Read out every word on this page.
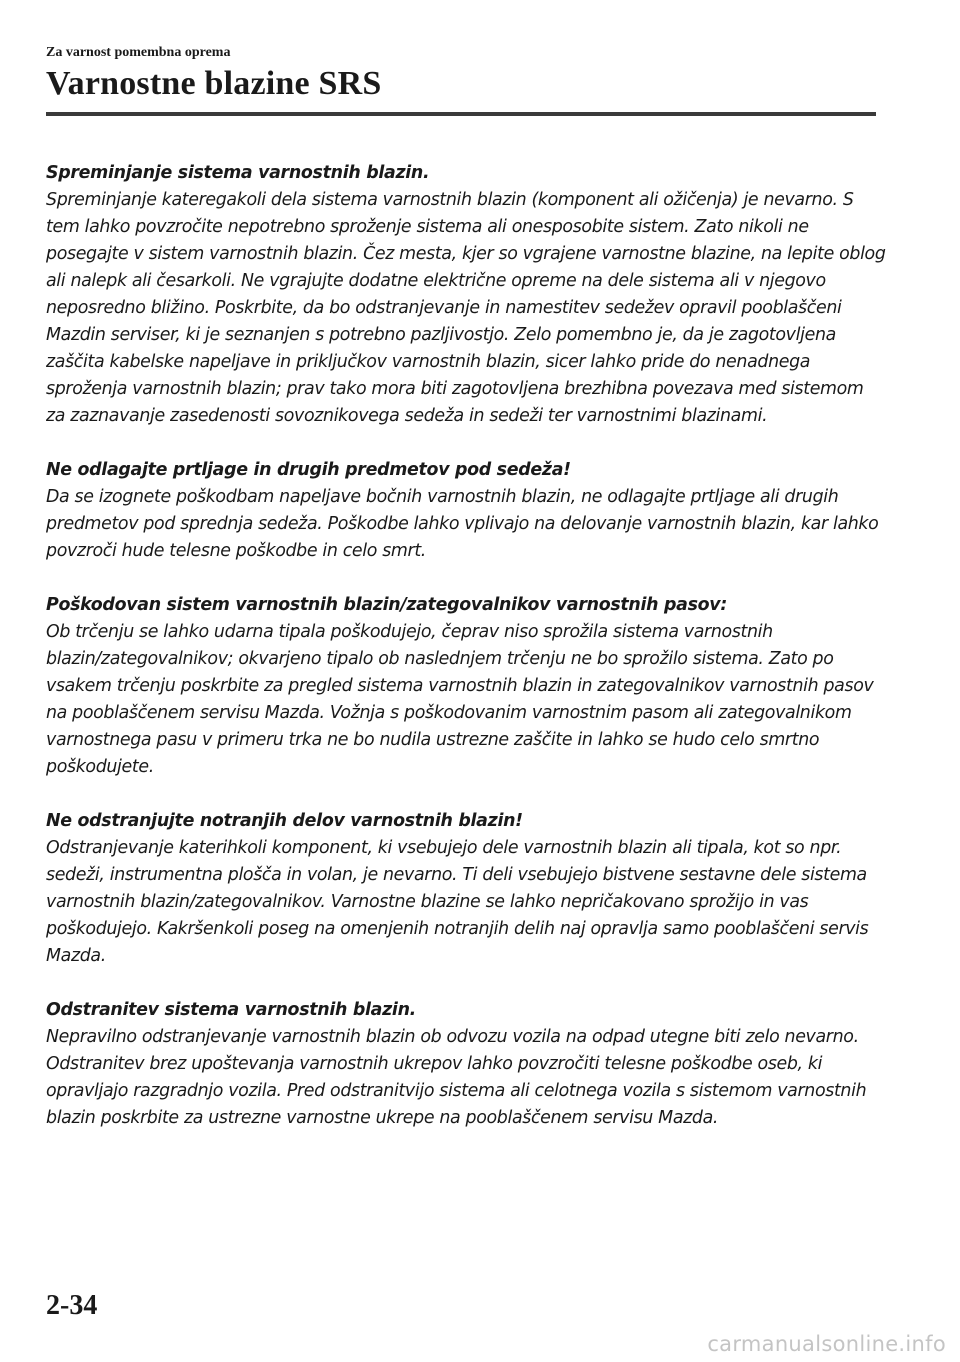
Za varnost pomembna oprema

Varnostne blazine SRS
Spreminjanje sistema varnostnih blazin.
Spreminjanje kateregakoli dela sistema varnostnih blazin (komponent ali ožičenja) je nevarno. S tem lahko povzročite nepotrebno sproženje sistema ali onesposobite sistem. Zato nikoli ne posegajte v sistem varnostnih blazin. Čez mesta, kjer so vgrajene varnostne blazine, na lepite oblog ali nalepk ali česarkoli. Ne vgrajujte dodatne električne opreme na dele sistema ali v njegovo neposredno bližino. Poskrbite, da bo odstranjevanje in namestitev sedežev opravil pooblaščeni Mazdin serviser, ki je seznanjen s potrebno pazljivostjo. Zelo pomembno je, da je zagotovljena zaščita kabelske napeljave in priključkov varnostnih blazin, sicer lahko pride do nenadnega sproženja varnostnih blazin; prav tako mora biti zagotovljena brezhibna povezava med sistemom za zaznavanje zasedenosti sovoznikovega sedeža in sedeži ter varnostnimi blazinami.
Ne odlagajte prtljage in drugih predmetov pod sedeža!
Da se izognete poškodbam napeljave bočnih varnostnih blazin, ne odlagajte prtljage ali drugih predmetov pod sprednja sedeža. Poškodbe lahko vplivajo na delovanje varnostnih blazin, kar lahko povzroči hude telesne poškodbe in celo smrt.
Poškodovan sistem varnostnih blazin/zategovalnikov varnostnih pasov:
Ob trčenju se lahko udarna tipala poškodujejo, čeprav niso sprožila sistema varnostnih blazin/zategovalnikov; okvarjeno tipalo ob naslednjem trčenju ne bo sprožilo sistema. Zato po vsakem trčenju poskrbite za pregled sistema varnostnih blazin in zategovalnikov varnostnih pasov na pooblaščenem servisu Mazda. Vožnja s poškodovanim varnostnim pasom ali zategovalnikom varnostnega pasu v primeru trka ne bo nudila ustrezne zaščite in lahko se hudo celo smrtno poškodujete.
Ne odstranjujte notranjih delov varnostnih blazin!
Odstranjevanje katerihkoli komponent, ki vsebujejo dele varnostnih blazin ali tipala, kot so npr. sedeži, instrumentna plošča in volan, je nevarno. Ti deli vsebujejo bistvene sestavne dele sistema varnostnih blazin/zategovalnikov. Varnostne blazine se lahko nepričakovano sprožijo in vas poškodujejo. Kakršenkoli poseg na omenjenih notranjih delih naj opravlja samo pooblaščeni servis Mazda.
Odstranitev sistema varnostnih blazin.
Nepravilno odstranjevanje varnostnih blazin ob odvozu vozila na odpad utegne biti zelo nevarno. Odstranitev brez upoštevanja varnostnih ukrepov lahko povzročiti telesne poškodbe oseb, ki opravljajo razgradnjo vozila. Pred odstranitvijo sistema ali celotnega vozila s sistemom varnostnih blazin poskrbite za ustrezne varnostne ukrepe na pooblaščenem servisu Mazda.
2-34
carmanualsonline.info
